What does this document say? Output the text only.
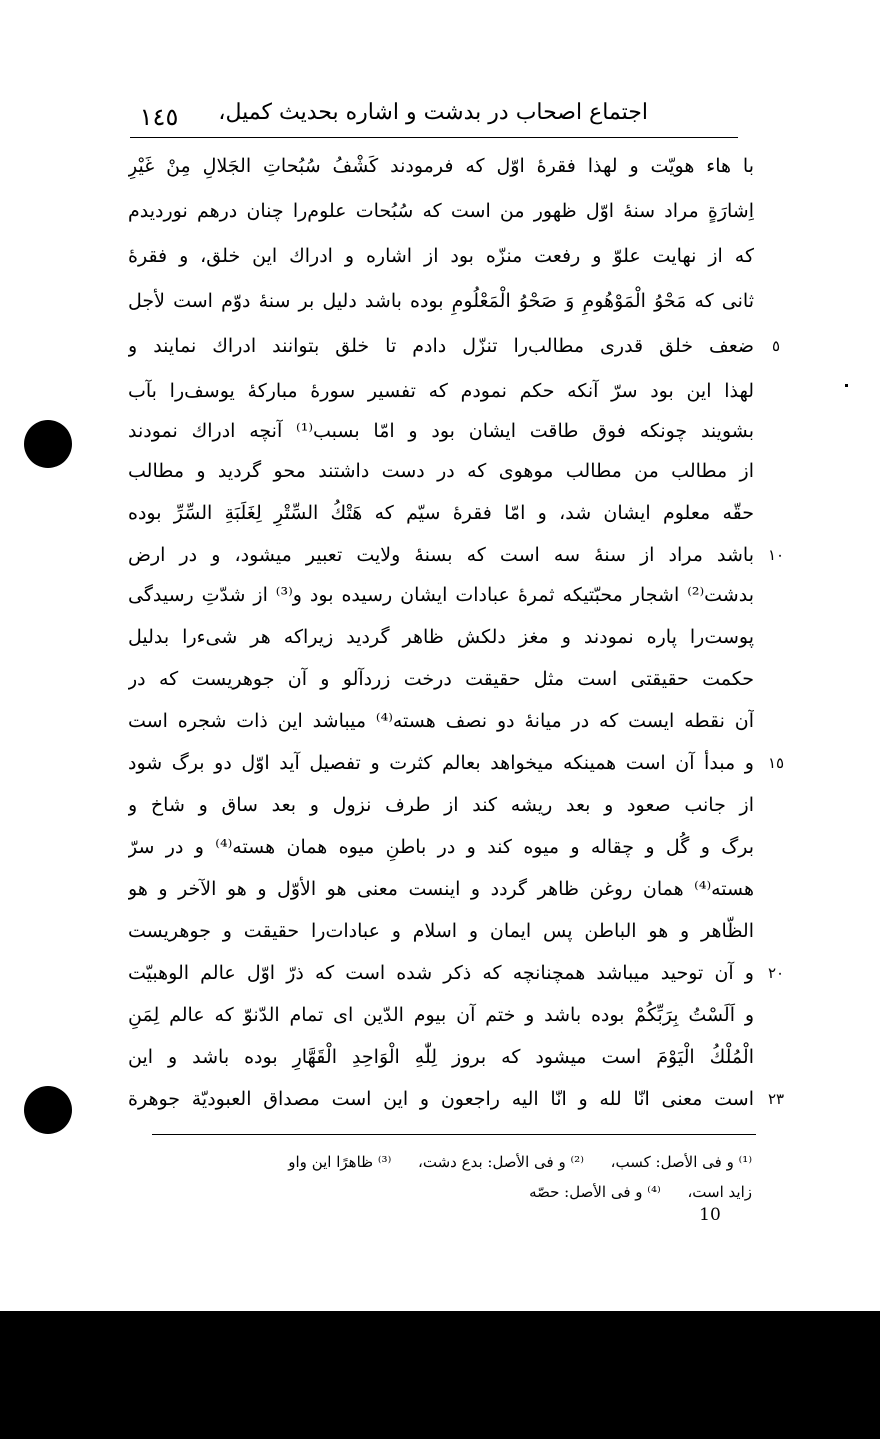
اجتماع اصحاب در بدشت و اشاره بحدیث کمیل،
۱٤٥
با هاء هویّت و لهذا فقرهٔ اوّل که فرمودند کَشْفُ سُبُحاتِ الجَلالِ مِنْ غَیْرِ
اِشارَةٍ مراد سنهٔ اوّل ظهور من است که سُبُحات علوم‌را چنان درهم نوردیدم
که از نهایت علوّ و رفعت منزّه بود از اشاره و ادراك این خلق، و فقرهٔ
ثانی که مَحْوُ الْمَوْهُومِ وَ صَحْوُ الْمَعْلُومِ بوده باشد دلیل بر سنهٔ دوّم است لأجل
ضعف خلق قدری مطالب‌را تنزّل دادم تا خلق بتوانند ادراك نمایند و
لهذا این بود سرّ آنکه حکم نمودم که تفسیر سورهٔ مبارکهٔ یوسف‌را بآب
بشویند چونکه فوق طاقت ایشان بود و امّا بسبب⁽¹⁾ آنچه ادراك نمودند
از مطالب من مطالب موهوی که در دست داشتند محو گردید و مطالب
حقّه معلوم ایشان شد، و امّا فقرهٔ سیّم که هَتْكُ السِّتْرِ لِغَلَبَةِ السِّرِّ بوده
باشد مراد از سنهٔ سه است که بسنهٔ ولایت تعبیر میشود، و در ارض
بدشت⁽²⁾ اشجار محبّتیکه ثمرهٔ عبادات ایشان رسیده بود و⁽³⁾ از شدّتِ رسیدگی
پوست‌را پاره نمودند و مغز دلکش ظاهر گردید زیراکه هر شیء‌را بدلیل
حکمت حقیقتی است مثل حقیقت درخت زردآلو و آن جوهریست که در
آن نقطه ایست که در میانهٔ دو نصف هسته⁽⁴⁾ میباشد این ذات شجره است
و مبدأ آن است همینکه میخواهد بعالم کثرت و تفصیل آید اوّل دو برگ شود
از جانب صعود و بعد ریشه کند از طرف نزول و بعد ساق و شاخ و
برگ و گُل و چقاله و میوه کند و در باطنِ میوه همان هسته⁽⁴⁾ و در سرّ
هسته⁽⁴⁾ همان روغن ظاهر گردد و اینست معنی هو الأوّل و هو الآخر و هو
الظّاهر و هو الباطن پس ایمان و اسلام و عبادات‌را حقیقت و جوهریست
و آن توحید میباشد همچنانچه که ذکر شده است که ذرّ اوّل عالم الوهبیّت
و اَلَسْتُ بِرَبِّکُمْ بوده باشد و ختم آن بیوم الدّین ای تمام الدّنوّ که عالم لِمَنِ
الْمُلْكُ الْیَوْمَ است میشود که بروز لِلّٰهِ الْوَاحِدِ الْقَهَّارِ بوده باشد و این
است معنی انّا لله و انّا الیه راجعون و این است مصداق العبودیّة جوهرة
٥
١٠
١٥
٢٠
٢٣
⁽¹⁾ و فی الأصل: کسب، ⁽²⁾ و فی الأصل: بدع دشت، ⁽³⁾ ظاهرًا این واو
زاید است، ⁽⁴⁾ و فی الأصل: حصّه
10
